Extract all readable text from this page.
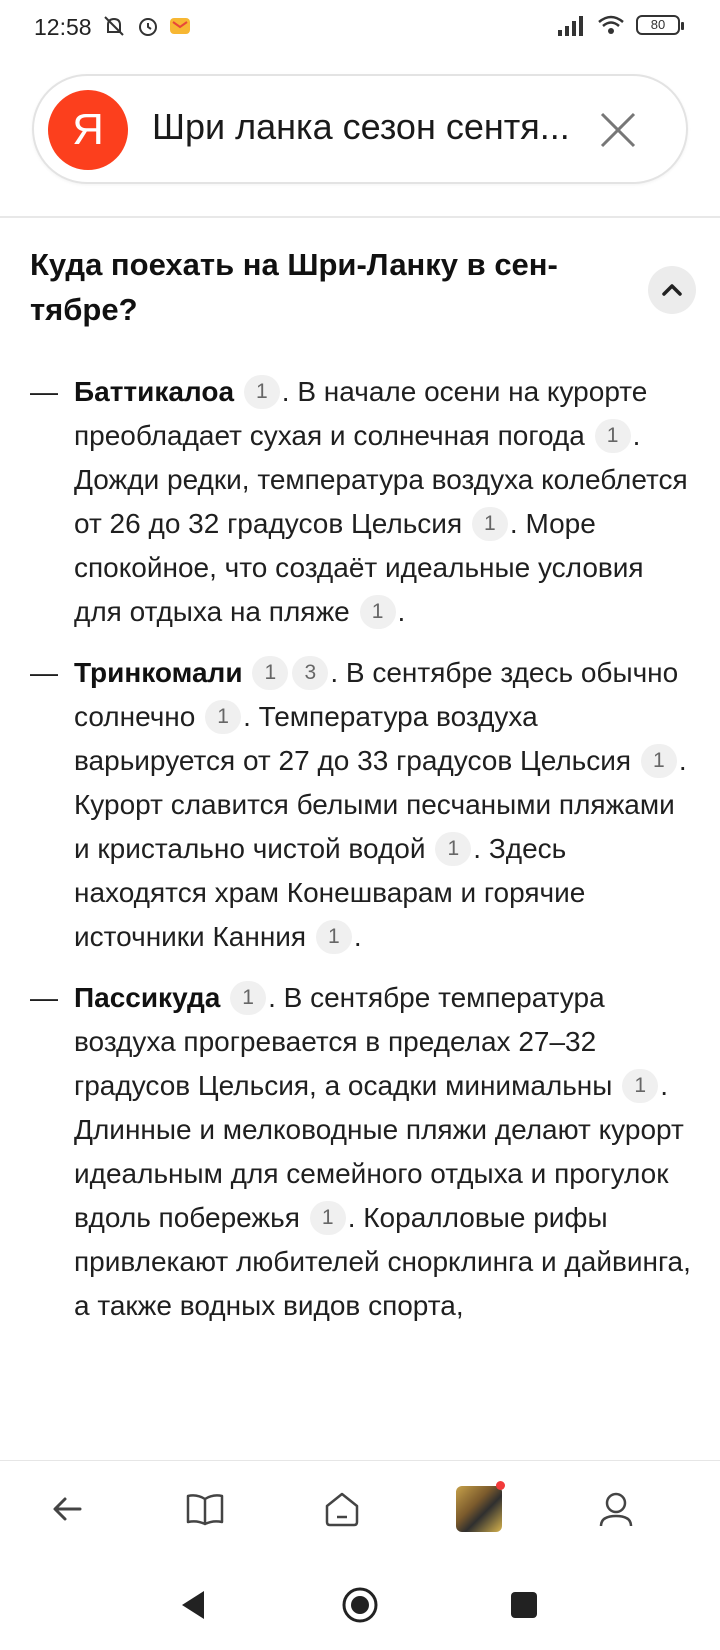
12:58	80
Я	Шри ланка сезон сентя...
Куда поехать на Шри-Ланку в сентябре?
— Баттикалоа 1 . В начале осени на курорте преобладает сухая и солнечная погода 1 . Дожди редки, температура воздуха колеблется от 26 до 32 градусов Цельсия 1 . Море спокойное, что создаёт идеальные условия для отдыха на пляже 1 .
— Тринкомали 1 3 . В сентябре здесь обычно солнечно 1 . Температура воздуха варьируется от 27 до 33 градусов Цельсия 1 . Курорт славится белыми песчаными пляжами и кристально чистой водой 1 . Здесь находятся храм Конешварам и горячие источники Канния 1 .
— Пассикуда 1 . В сентябре температура воздуха прогревается в пределах 27–32 градусов Цельсия, а осадки минимальны 1 . Длинные и мелководные пляжи делают курорт идеальным для семейного отдыха и прогулок вдоль побережья 1 . Коралловые рифы привлекают любителей снорклинга и дайвинга, а также водных видов спорта,
